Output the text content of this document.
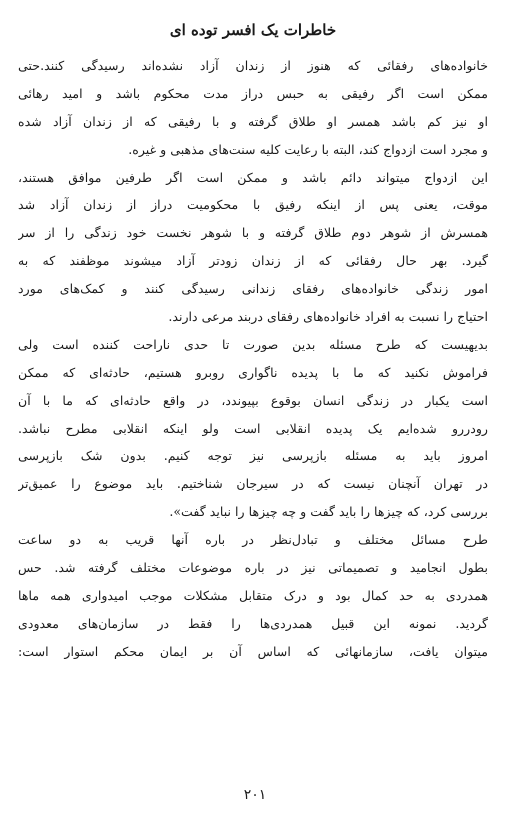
خاطرات یک افسر توده ای
خانواده‌های رفقائی که هنوز از زندان آزاد نشده‌اند رسیدگی کنند.حتی
ممکن است اگر رفیقی به حبس دراز مدت محکوم باشد و امید رهائی
او نیز کم باشد همسر او طلاق گرفته و با رفیقی که از زندان آزاد شده
و مجرد است ازدواج کند، البته با رعایت کلیه سنت‌های مذهبی و غیره.
این ازدواج میتواند دائم باشد و ممکن است اگر طرفین موافق هستند،
موقت، یعنی پس از اینکه رفیق با محکومیت دراز از زندان آزاد شد
همسرش از شوهر دوم طلاق گرفته و با شوهر نخست خود زندگی را از سر
گیرد. بهر حال رفقائی که از زندان زودتر آزاد میشوند موظفند که به
امور زندگی خانواده‌های رفقای زندانی رسیدگی کنند و کمک‌های مورد
احتیاج را نسبت به افراد خانواده‌های رفقای دربند مرعی دارند.
بدیهیست که طرح مسئله بدین صورت تا حدی ناراحت کننده است ولی
فراموش نکنید که ما با پدیده ناگواری روبرو هستیم، حادثه‌ای که ممکن
است یکبار در زندگی انسان بوقوع بپیوندد، در واقع حادثه‌ای که ما با آن
رودررو شده‌ایم یک پدیده انقلابی است ولو اینکه انقلابی مطرح نباشد.
امروز باید به مسئله بازپرسی نیز توجه کنیم. بدون شک بازپرسی
در تهران آنچنان نیست که در سیرجان شناختیم. باید موضوع را عمیق‌تر
بررسی کرد، که چیزها را باید گفت و چه چیزها را نباید گفت».
طرح مسائل مختلف و تبادل‌نظر در باره آنها قریب به دو ساعت
بطول انجامید و تصمیماتی نیز در باره موضوعات مختلف گرفته شد. حس
همدردی به حد کمال بود و درک متقابل مشکلات موجب امیدواری همه ما‌ها
گردید. نمونه این قبیل همدردی‌ها را فقط در سازمان‌های معدودی
میتوان یافت، سازمانهائی که اساس آن بر ایمان محکم استوار است:
۲۰۱
